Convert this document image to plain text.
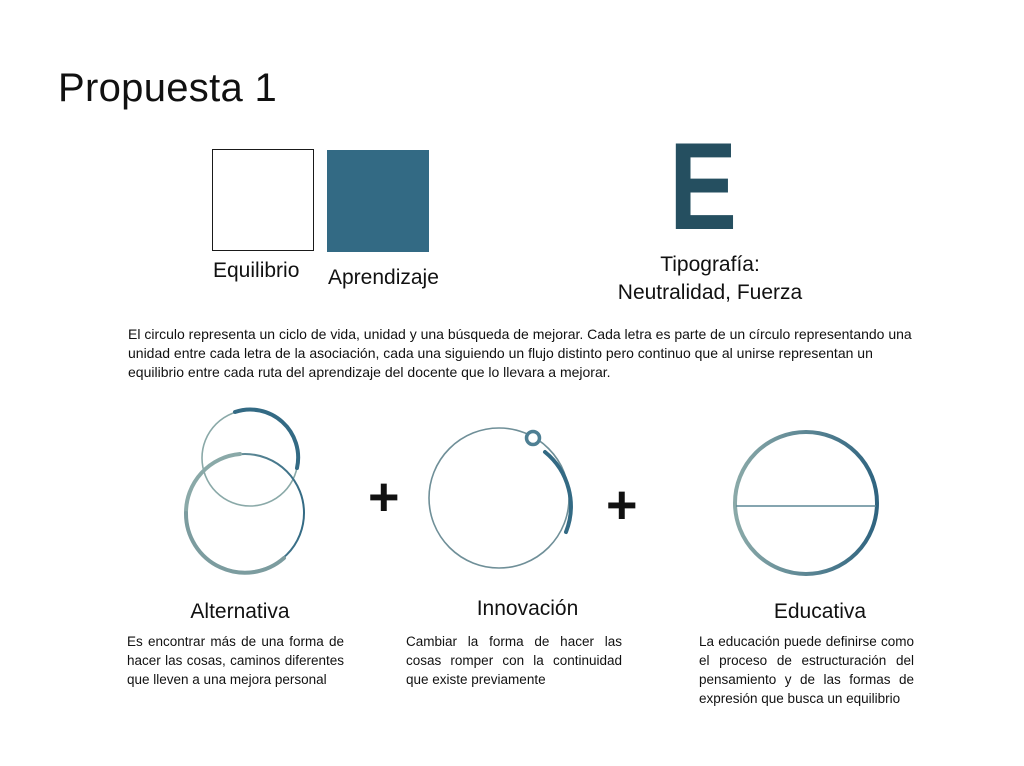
Propuesta 1
Equilibrio Aprendizaje
E
Tipografía:
Neutralidad, Fuerza
El circulo representa un ciclo de vida, unidad y una búsqueda de mejorar. Cada letra es parte de un círculo representando una unidad entre cada letra de la asociación, cada una siguiendo un flujo distinto pero continuo que al unirse representan un equilibrio entre cada ruta del aprendizaje del docente que lo llevara a mejorar.
+	+
Alternativa	Innovación	Educativa
Es encontrar más de una forma de hacer las cosas, caminos diferentes que lleven a una mejora personal
Cambiar la forma de hacer las cosas romper con la continuidad que existe previamente
La educación puede definirse como el proceso de estructuración del pensamiento y de las formas de expresión que busca un equilibrio
